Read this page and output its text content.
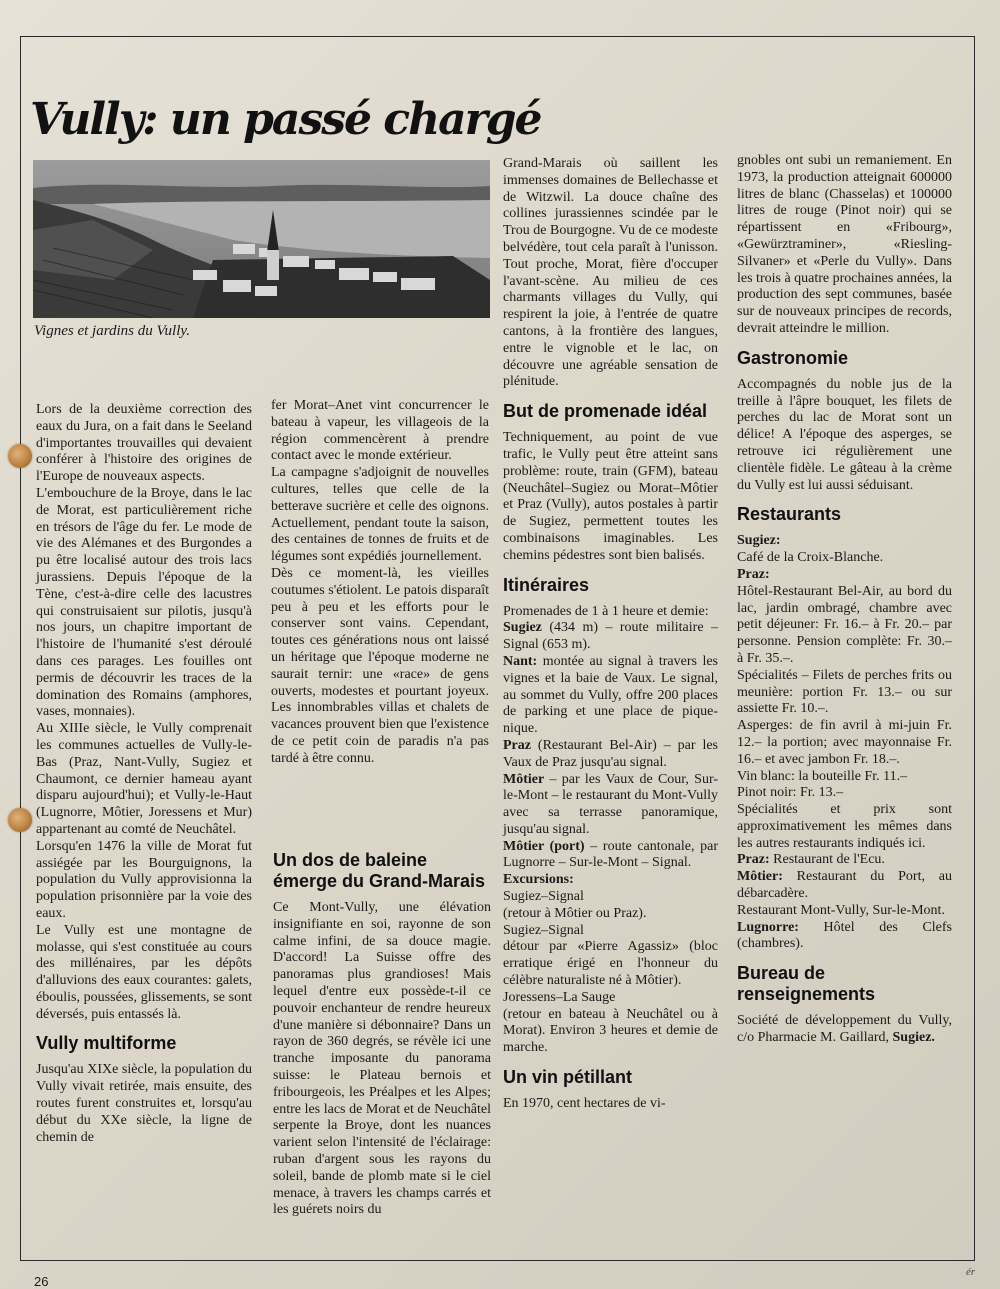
Vully: un passé chargé

Vignes et jardins du Vully.

Lors de la deuxième correction des eaux du Jura, on a fait dans le Seeland d'importantes trouvailles qui devaient conférer à l'histoire des origines de l'Europe de nouveaux aspects.

L'embouchure de la Broye, dans le lac de Morat, est particulièrement riche en trésors de l'âge du fer. Le mode de vie des Alémanes et des Burgondes a pu être localisé autour des trois lacs jurassiens. Depuis l'époque de la Tène, c'est-à-dire celle des lacustres qui construisaient sur pilotis, jusqu'à nos jours, un chapitre important de l'histoire de l'humanité s'est déroulé dans ces parages. Les fouilles ont permis de découvrir les traces de la domination des Romains (amphores, vases, monnaies).

Au XIIIe siècle, le Vully comprenait les communes actuelles de Vully-le-Bas (Praz, Nant-Vully, Sugiez et Chaumont, ce dernier hameau ayant disparu aujourd'hui); et Vully-le-Haut (Lugnorre, Môtier, Joressens et Mur) appartenant au comté de Neuchâtel.

Lorsqu'en 1476 la ville de Morat fut assiégée par les Bourguignons, la population du Vully approvisionna la population prisonnière par la voie des eaux.

Le Vully est une montagne de molasse, qui s'est constituée au cours des millénaires, par les dépôts d'alluvions des eaux courantes: galets, éboulis, poussées, glissements, se sont déversés, puis entassés là.

Vully multiforme

Jusqu'au XIXe siècle, la population du Vully vivait retirée, mais ensuite, des routes furent construites et, lorsqu'au début du XXe siècle, la ligne de chemin de

fer Morat–Anet vint concurrencer le bateau à vapeur, les villageois de la région commencèrent à prendre contact avec le monde extérieur.

La campagne s'adjoignit de nouvelles cultures, telles que celle de la betterave sucrière et celle des oignons. Actuellement, pendant toute la saison, des centaines de tonnes de fruits et de légumes sont expédiés journellement.

Dès ce moment-là, les vieilles coutumes s'étiolent. Le patois disparaît peu à peu et les efforts pour le conserver sont vains. Cependant, toutes ces générations nous ont laissé un héritage que l'époque moderne ne saurait ternir: une «race» de gens ouverts, modestes et pourtant joyeux. Les innombrables villas et chalets de vacances prouvent bien que l'existence de ce petit coin de paradis n'a pas tardé à être connu.

Un dos de baleine émerge du Grand-Marais

Ce Mont-Vully, une élévation insignifiante en soi, rayonne de son calme infini, de sa douce magie. D'accord! La Suisse offre des panoramas plus grandioses! Mais lequel d'entre eux possède-t-il ce pouvoir enchanteur de rendre heureux d'une manière si débonnaire? Dans un rayon de 360 degrés, se révèle ici une tranche imposante du panorama suisse: le Plateau bernois et fribourgeois, les Préalpes et les Alpes; entre les lacs de Morat et de Neuchâtel serpente la Broye, dont les nuances varient selon l'intensité de l'éclairage: ruban d'argent sous les rayons du soleil, bande de plomb mate si le ciel menace, à travers les champs carrés et les guérets noirs du

Grand-Marais où saillent les immenses domaines de Bellechasse et de Witzwil. La douce chaîne des collines jurassiennes scindée par le Trou de Bourgogne. Vu de ce modeste belvédère, tout cela paraît à l'unisson. Tout proche, Morat, fière d'occuper l'avant-scène. Au milieu de ces charmants villages du Vully, qui respirent la joie, à l'entrée de quatre cantons, à la frontière des langues, entre le vignoble et le lac, on découvre une agréable sensation de plénitude.

But de promenade idéal

Techniquement, au point de vue trafic, le Vully peut être atteint sans problème: route, train (GFM), bateau (Neuchâtel–Sugiez ou Morat–Môtier et Praz (Vully), autos postales à partir de Sugiez, permettent toutes les combinaisons imaginables. Les chemins pédestres sont bien balisés.

Itinéraires

Promenades de 1 à 1 heure et demie:

Sugiez (434 m) – route militaire – Signal (653 m).

Nant: montée au signal à travers les vignes et la baie de Vaux. Le signal, au sommet du Vully, offre 200 places de parking et une place de pique-nique.

Praz (Restaurant Bel-Air) – par les Vaux de Praz jusqu'au signal.

Môtier – par les Vaux de Cour, Sur-le-Mont – le restaurant du Mont-Vully avec sa terrasse panoramique, jusqu'au signal.

Môtier (port) – route cantonale, par Lugnorre – Sur-le-Mont – Signal.

Excursions:

Sugiez–Signal

(retour à Môtier ou Praz).

Sugiez–Signal

détour par «Pierre Agassiz» (bloc erratique érigé en l'honneur du célèbre naturaliste né à Môtier).

Joressens–La Sauge

(retour en bateau à Neuchâtel ou à Morat). Environ 3 heures et demie de marche.

Un vin pétillant

En 1970, cent hectares de vi-

gnobles ont subi un remaniement. En 1973, la production atteignait 600000 litres de blanc (Chasselas) et 100000 litres de rouge (Pinot noir) qui se répartissent en «Fribourg», «Gewürztraminer», «Riesling-Silvaner» et «Perle du Vully». Dans les trois à quatre prochaines années, la production des sept communes, basée sur de nouveaux principes de records, devrait atteindre le million.

Gastronomie

Accompagnés du noble jus de la treille à l'âpre bouquet, les filets de perches du lac de Morat sont un délice! A l'époque des asperges, se retrouve ici régulièrement une clientèle fidèle. Le gâteau à la crème du Vully est lui aussi séduisant.

Restaurants

Sugiez:

Café de la Croix-Blanche.

Praz:

Hôtel-Restaurant Bel-Air, au bord du lac, jardin ombragé, chambre avec petit déjeuner: Fr. 16.– à Fr. 20.– par personne. Pension complète: Fr. 30.– à Fr. 35.–.

Spécialités – Filets de perches frits ou meunière: portion Fr. 13.– ou sur assiette Fr. 10.–.

Asperges: de fin avril à mi-juin Fr. 12.– la portion; avec mayonnaise Fr. 16.– et avec jambon Fr. 18.–.

Vin blanc: la bouteille Fr. 11.–

Pinot noir: Fr. 13.–

Spécialités et prix sont approximativement les mêmes dans les autres restaurants indiqués ici.

Praz: Restaurant de l'Ecu.

Môtier: Restaurant du Port, au débarcadère.

Restaurant Mont-Vully, Sur-le-Mont.

Lugnorre: Hôtel des Clefs (chambres).

Bureau de renseignements

Société de développement du Vully, c/o Pharmacie M. Gaillard, Sugiez.

26

ér
